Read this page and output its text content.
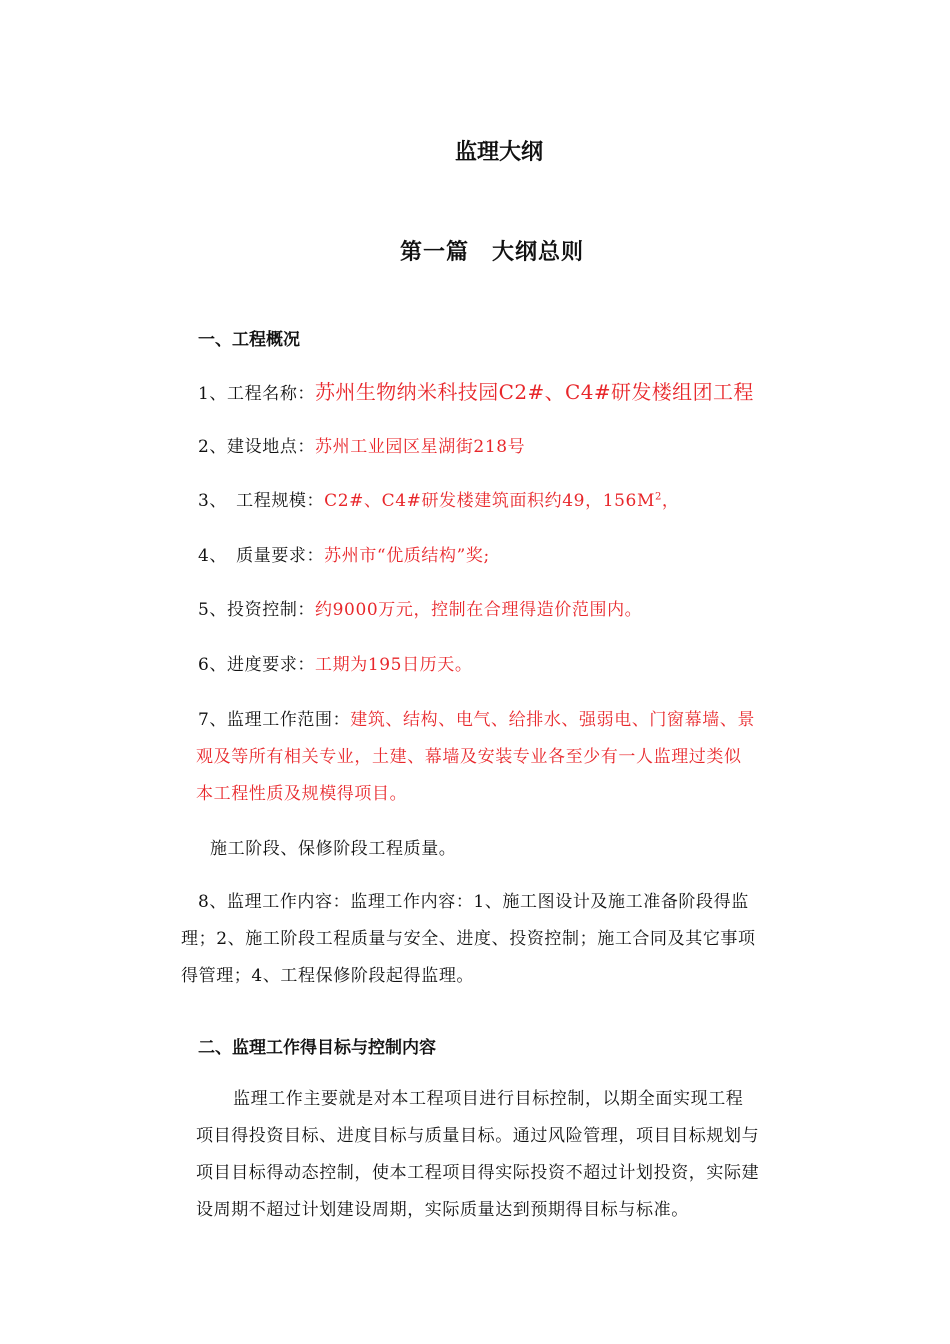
监理大纲
第一篇　大纲总则
一、工程概况
1、工程名称：苏州生物纳米科技园C2#、C4#研发楼组团工程
2、建设地点：苏州工业园区星湖街218号
3、　工程规模：C2#、C4#研发楼建筑面积约49，$156M^2$，
4、　质量要求：苏州市“优质结构”奖;
5、投资控制：约9000万元，控制在合理得造价范围内。
6、进度要求：工期为195日历天。
7、监理工作范围：建筑、结构、电气、给排水、强弱电、门窗幕墙、景
观及等所有相关专业，土建、幕墙及安装专业各至少有一人监理过类似
本工程性质及规模得项目。
施工阶段、保修阶段工程质量。
8、监理工作内容：监理工作内容：1、施工图设计及施工准备阶段得监
理；2、施工阶段工程质量与安全、进度、投资控制；施工合同及其它事项
得管理；4、工程保修阶段起得监理。
二、监理工作得目标与控制内容
监理工作主要就是对本工程项目进行目标控制，以期全面实现工程
项目得投资目标、进度目标与质量目标。通过风险管理，项目目标规划与
项目目标得动态控制，使本工程项目得实际投资不超过计划投资，实际建
设周期不超过计划建设周期，实际质量达到预期得目标与标准。
